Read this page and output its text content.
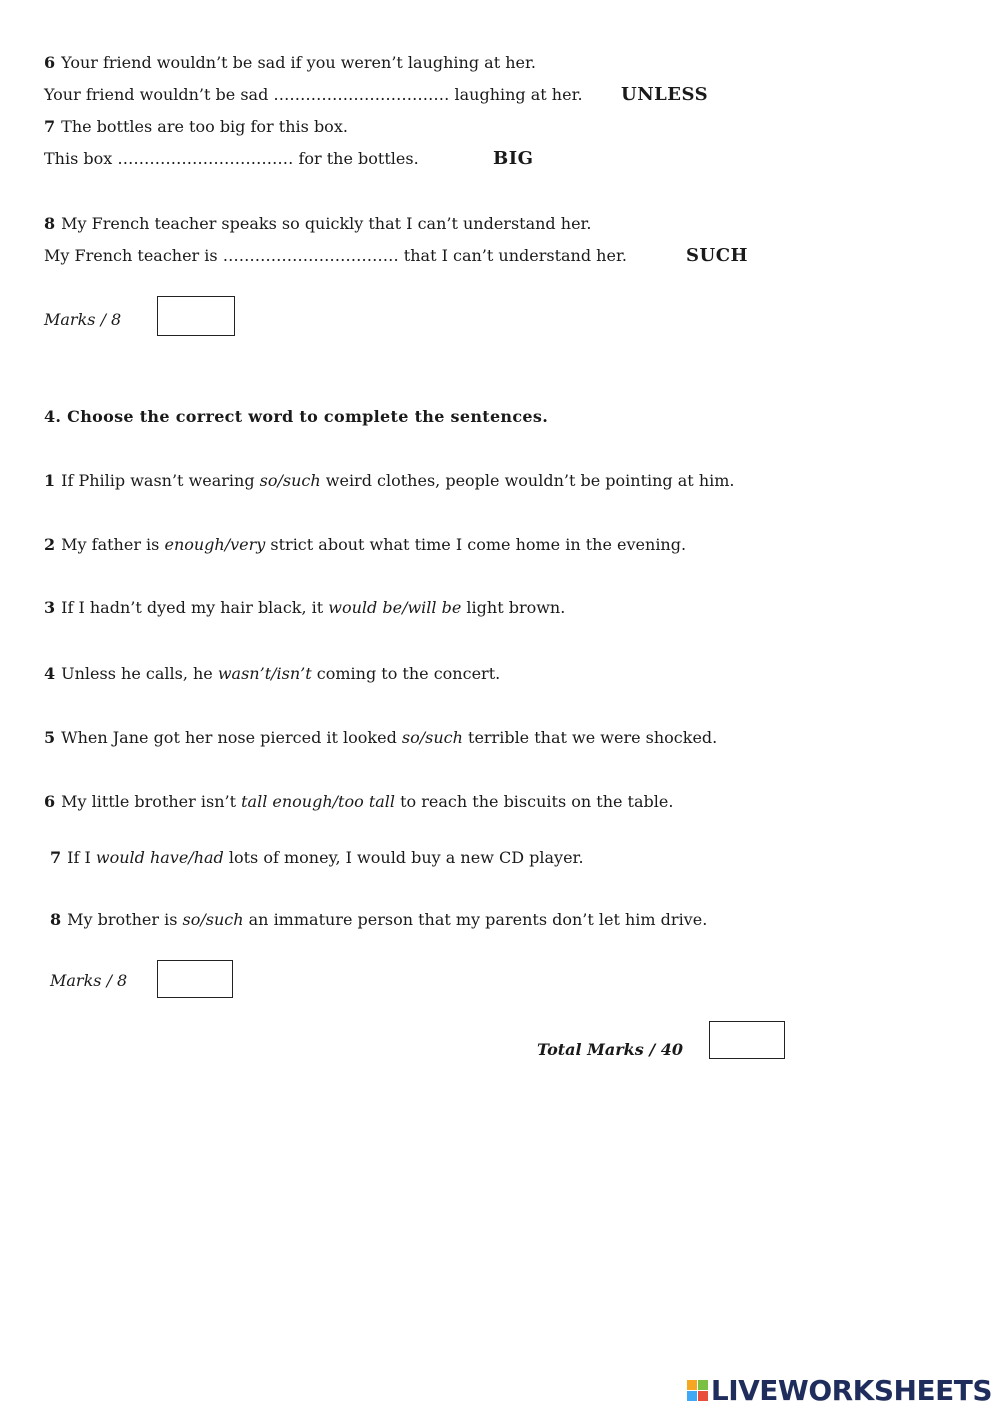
6 Your friend wouldn’t be sad if you weren’t laughing at her.
Your friend wouldn’t be sad …………………………… laughing at her. UNLESS
7 The bottles are too big for this box.
This box …………………………… for the bottles.	BIG
8 My French teacher speaks so quickly that I can’t understand her.
My French teacher is …………………………… that I can’t understand her.	SUCH
Marks / 8
4. Choose the correct word to complete the sentences.
1 If Philip wasn’t wearing so/such weird clothes, people wouldn’t be pointing at him.
2 My father is enough/very strict about what time I come home in the evening.
3 If I hadn’t dyed my hair black, it would be/will be light brown.
4 Unless he calls, he wasn’t/isn’t coming to the concert.
5 When Jane got her nose pierced it looked so/such terrible that we were shocked.
6 My little brother isn’t tall enough/too tall to reach the biscuits on the table.
7 If I would have/had lots of money, I would buy a new CD player.
8 My brother is so/such an immature person that my parents don’t let him drive.
Marks / 8
Total Marks / 40
LIVEWORKSHEETS
